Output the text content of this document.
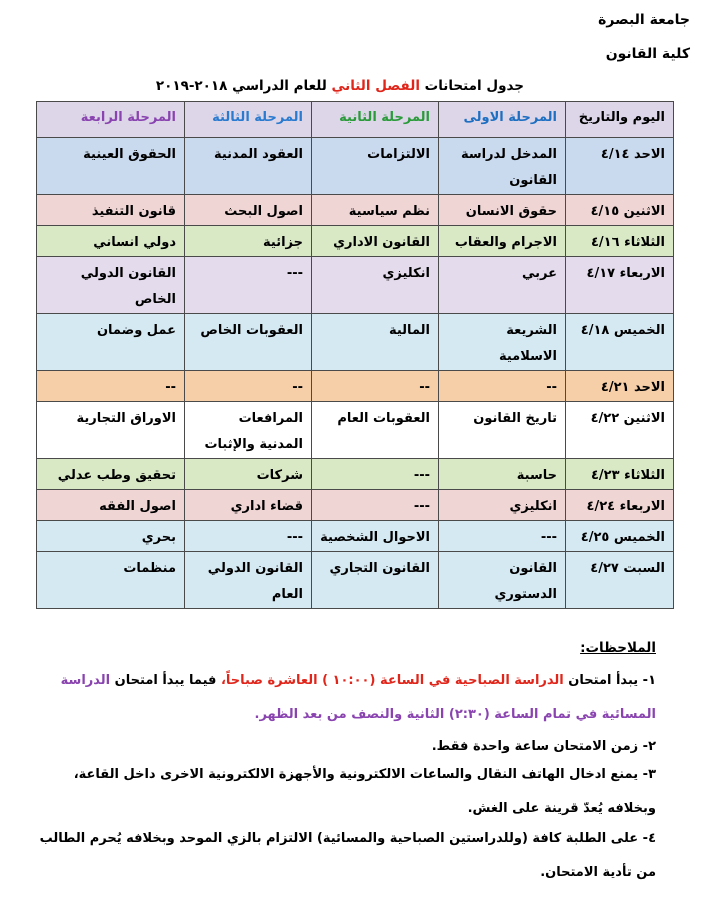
جامعة البصرة
كلية القانون
جدول امتحانات الفصل الثاني للعام الدراسي ٢٠١٨-٢٠١٩
اليوم والتاريخ	المرحلة الاولى	المرحلة الثانية	المرحلة الثالثة	المرحلة الرابعة
الاحد ٤/١٤	المدخل لدراسة القانون	الالتزامات	العقود المدنية	الحقوق العينية
الاثنين ٤/١٥	حقوق الانسان	نظم سياسية	اصول البحث	قانون التنفيذ
الثلاثاء ٤/١٦	الاجرام والعقاب	القانون الاداري	جزائية	دولي انساني
الاربعاء ٤/١٧	عربي	انكليزي	---	القانون الدولي الخاص
الخميس ٤/١٨	الشريعة الاسلامية	المالية	العقوبات الخاص	عمل وضمان
الاحد ٤/٢١	--	--	--	--
الاثنين ٤/٢٢	تاريخ القانون	العقوبات العام	المرافعات المدنية والإثبات	الاوراق التجارية
الثلاثاء ٤/٢٣	حاسبة	---	شركات	تحقيق وطب عدلي
الاربعاء ٤/٢٤	انكليزي	---	قضاء اداري	اصول الفقه
الخميس ٤/٢٥	---	الاحوال الشخصية	---	بحري
السبت ٤/٢٧	القانون الدستوري	القانون التجاري	القانون الدولي العام	منظمات
الملاحظات:
١- يبدأ امتحان الدراسة الصباحية في الساعة (١٠:٠٠ ) العاشرة صباحاً، فيما يبدأ امتحان الدراسة المسائية في تمام الساعة (٢:٣٠) الثانية والنصف من بعد الظهر.
٢- زمن الامتحان ساعة واحدة فقط.
٣- يمنع ادخال الهاتف النقال والساعات الالكترونية والأجهزة الالكترونية الاخرى داخل القاعة، وبخلافه يُعدّ قرينة على الغش.
٤- على الطلبة كافة (وللدراستين الصباحية والمسائية) الالتزام بالزي الموحد وبخلافه يُحرم الطالب من تأدية الامتحان.
